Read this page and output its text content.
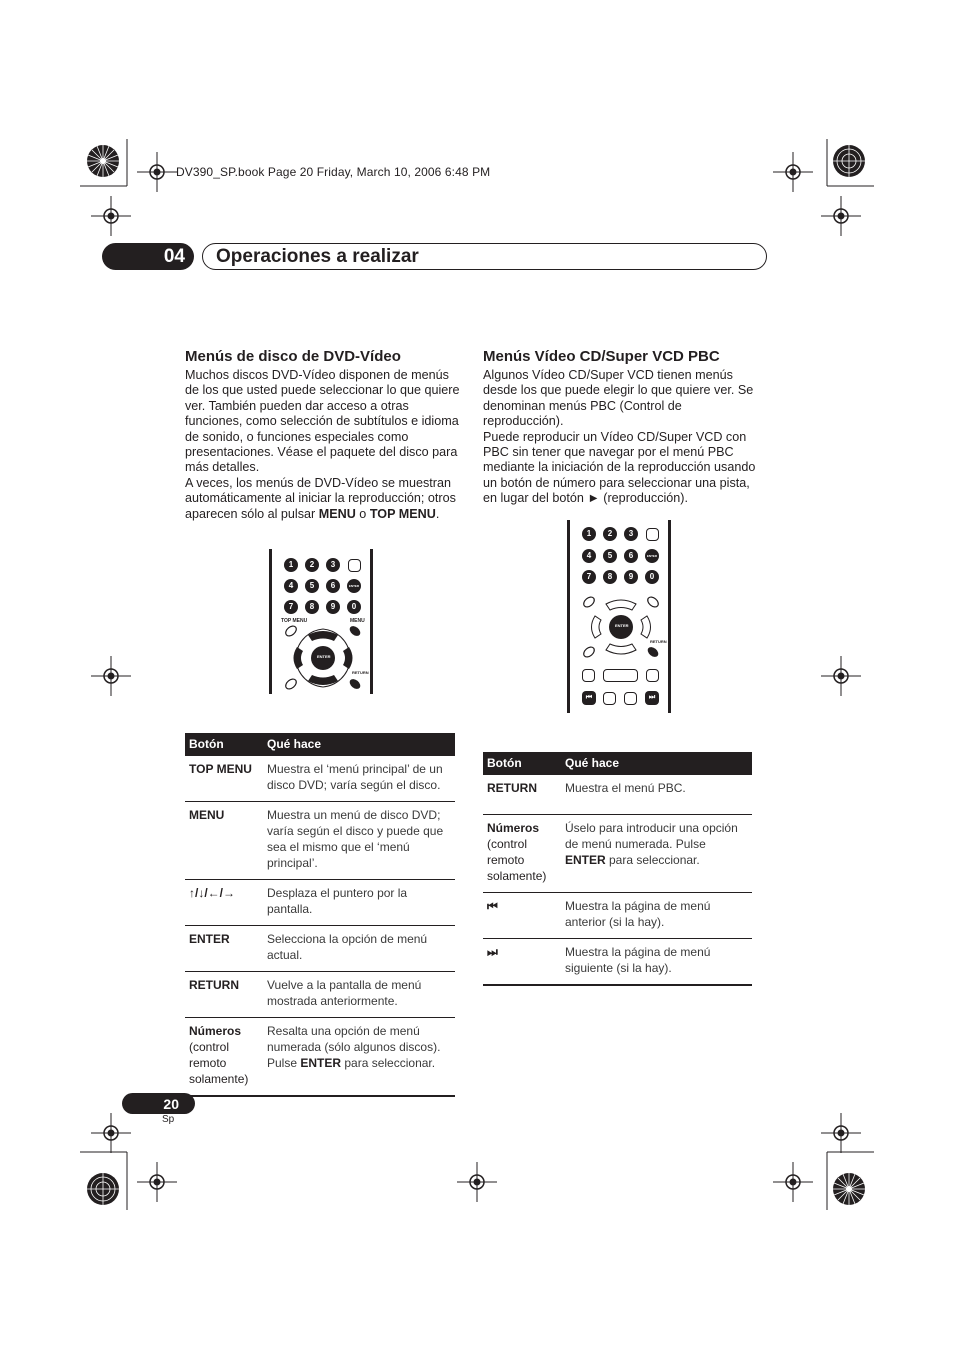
DV390_SP.book Page 20 Friday, March 10, 2006 6:48 PM
04	Operaciones a realizar
Menús de disco de DVD-Vídeo

Muchos discos DVD-Vídeo disponen de menús de los que usted puede seleccionar lo que quiere ver. También pueden dar acceso a otras funciones, como selección de subtítulos e idioma de sonido, o funciones especiales como presentaciones. Véase el paquete del disco para más detalles.

A veces, los menús de DVD-Vídeo se muestran automáticamente al iniciar la reproducción; otros aparecen sólo al pulsar MENU o TOP MENU.

1	2	3
4	5	6	ENTER
7	8	9	0
TOP MENU	MENU
ENTER
RETURN
Botón	Qué hace
TOP MENU	Muestra el ‘menú principal’ de un disco DVD; varía según el disco.
MENU	Muestra un menú de disco DVD; varía según el disco y puede que sea el mismo que el ‘menú principal’.
↑/↓/←/→	Desplaza el puntero por la pantalla.
ENTER	Selecciona la opción de menú actual.
RETURN	Vuelve a la pantalla de menú mostrada anteriormente.
Números
(control remoto solamente)	Resalta una opción de menú numerada (sólo algunos discos). Pulse ENTER para seleccionar.
Menús Vídeo CD/Super VCD PBC

Algunos Vídeo CD/Super VCD tienen menús desde los que puede elegir lo que quiere ver. Se denominan menús PBC (Control de reproducción).

Puede reproducir un Vídeo CD/Super VCD con PBC sin tener que navegar por el menú PBC mediante la iniciación de la reproducción usando un botón de número para seleccionar una pista, en lugar del botón ► (reproducción).

1	2	3
4	5	6	ENTER
7	8	9	0
ENTER
RETURN
⏮	⏭
Botón	Qué hace
RETURN	Muestra el menú PBC.
Números
(control remoto solamente)	Úselo para introducir una opción de menú numerada. Pulse ENTER para seleccionar.
⏮	Muestra la página de menú anterior (si la hay).
⏭	Muestra la página de menú siguiente (si la hay).
20
Sp
